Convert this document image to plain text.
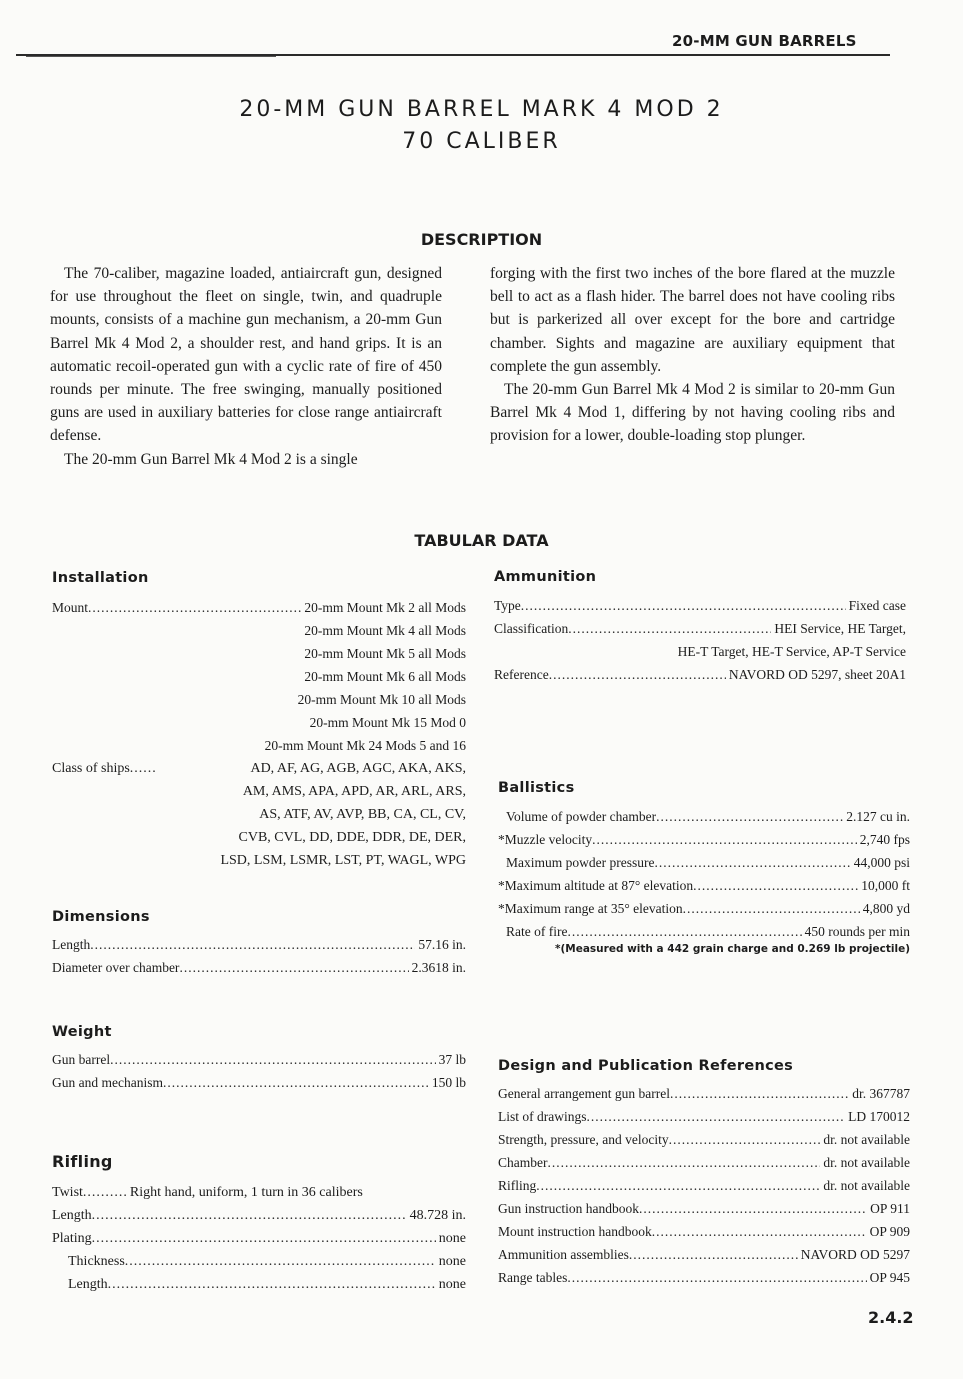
20-MM GUN BARRELS
20-MM GUN BARREL MARK 4 MOD 2
70 CALIBER
DESCRIPTION

The 70-caliber, magazine loaded, antiaircraft gun, designed for use throughout the fleet on single, twin, and quadruple mounts, consists of a machine gun mechanism, a 20-mm Gun Barrel Mk 4 Mod 2, a shoulder rest, and hand grips. It is an automatic recoil-operated gun with a cyclic rate of fire of 450 rounds per minute. The free swinging, manually positioned guns are used in auxiliary batteries for close range antiaircraft defense.

The 20-mm Gun Barrel Mk 4 Mod 2 is a single

forging with the first two inches of the bore flared at the muzzle bell to act as a flash hider. The barrel does not have cooling ribs but is parkerized all over except for the bore and cartridge chamber. Sights and magazine are auxiliary equipment that complete the gun assembly.

The 20-mm Gun Barrel Mk 4 Mod 2 is similar to 20-mm Gun Barrel Mk 4 Mod 1, differing by not having cooling ribs and provision for a lower, double-loading stop plunger.

TABULAR DATA
Installation
Mount .....	20-mm Mount Mk 2 all Mods
20-mm Mount Mk 4 all Mods
20-mm Mount Mk 5 all Mods
20-mm Mount Mk 6 all Mods
20-mm Mount Mk 10 all Mods
20-mm Mount Mk 15 Mod 0
20-mm Mount Mk 24 Mods 5 and 16
Class of ships .....	AD, AF, AG, AGB, AGC, AKA, AKS,
AM, AMS, APA, APD, AR, ARL, ARS,
AS, ATF, AV, AVP, BB, CA, CL, CV,
CVB, CVL, DD, DDE, DDR, DE, DER,
LSD, LSM, LSMR, LST, PT, WAGL, WPG
Dimensions
Length .....	57.16 in.
Diameter over chamber .....	2.3618 in.
Weight
Gun barrel .....	37 lb
Gun and mechanism .....	150 lb
Rifling
Twist .....	Right hand, uniform, 1 turn in 36 calibers
Length .....	48.728 in.
Plating .....	none
Thickness .....	none
Length .....	none
Ammunition
Type .....	Fixed case
Classification .....	HEI Service, HE Target,
HE-T Target, HE-T Service, AP-T Service
Reference .....	NAVORD OD 5297, sheet 20A1
Ballistics
Volume of powder chamber .....	2.127 cu in.
*Muzzle velocity .....	2,740 fps
Maximum powder pressure .....	44,000 psi
*Maximum altitude at 87° elevation .....	10,000 ft
*Maximum range at 35° elevation .....	4,800 yd
Rate of fire .....	450 rounds per min
*(Measured with a 442 grain charge and 0.269 lb projectile)
Design and Publication References
General arrangement gun barrel .....	dr. 367787
List of drawings .....	LD 170012
Strength, pressure, and velocity .....	dr. not available
Chamber .....	dr. not available
Rifling .....	dr. not available
Gun instruction handbook .....	OP 911
Mount instruction handbook .....	OP 909
Ammunition assemblies .....	NAVORD OD 5297
Range tables .....	OP 945
2.4.2
